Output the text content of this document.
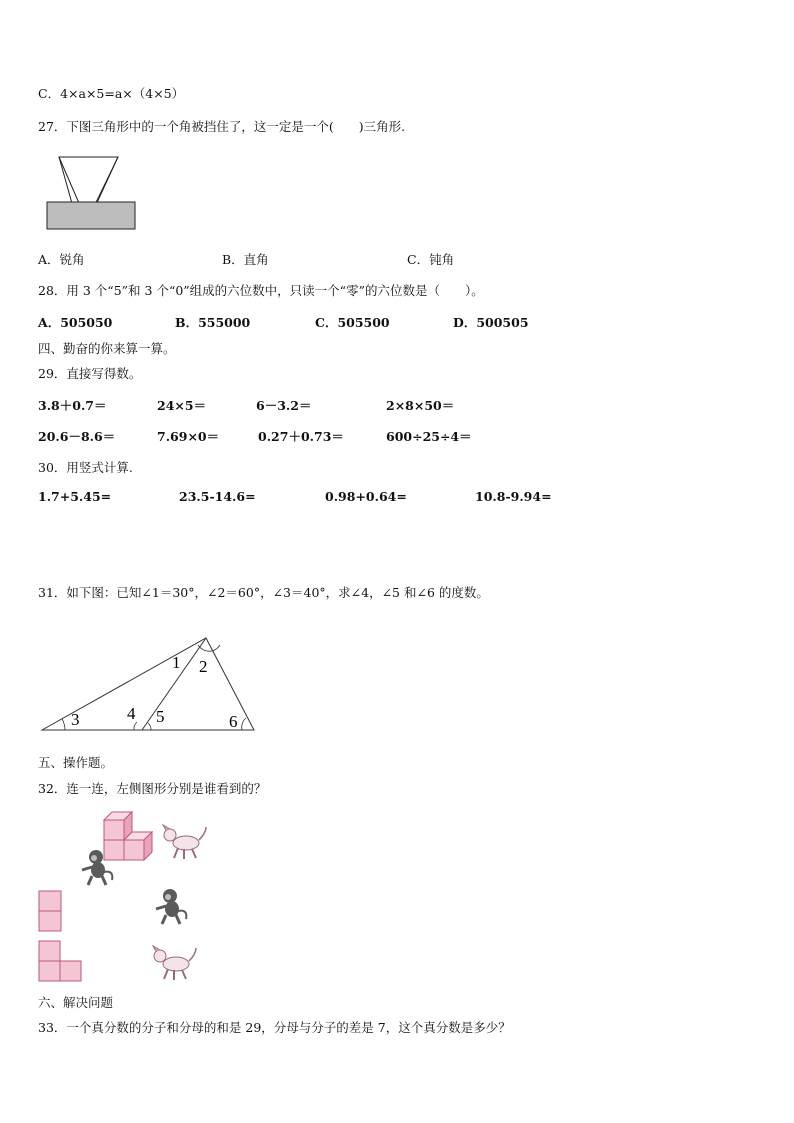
C．4×a×5=a×（4×5）
27．下图三角形中的一个角被挡住了，这一定是一个(　　)三角形.
A．锐角	B．直角	C．钝角
28．用 3 个“5”和 3 个“0”组成的六位数中，只读一个“零”的六位数是（　　）。
A．505050	B．555000	C．505500	D．500505
四、勤奋的你来算一算。
29．直接写得数。
3.8＋0.7＝	24×5＝	6－3.2＝	2×8×50＝
20.6－8.6＝	7.69×0＝	0.27＋0.73＝	600÷25÷4＝
30．用竖式计算.
1.7+5.45=	23.5-14.6=	0.98+0.64=	10.8-9.94=
31．如下图：已知∠1＝30°，∠2＝60°，∠3＝40°，求∠4，∠5 和∠6 的度数。
1 2
3	4 5	6
五、操作题。
32．连一连，左侧图形分别是谁看到的？
六、解决问题
33．一个真分数的分子和分母的和是 29，分母与分子的差是 7，这个真分数是多少？
